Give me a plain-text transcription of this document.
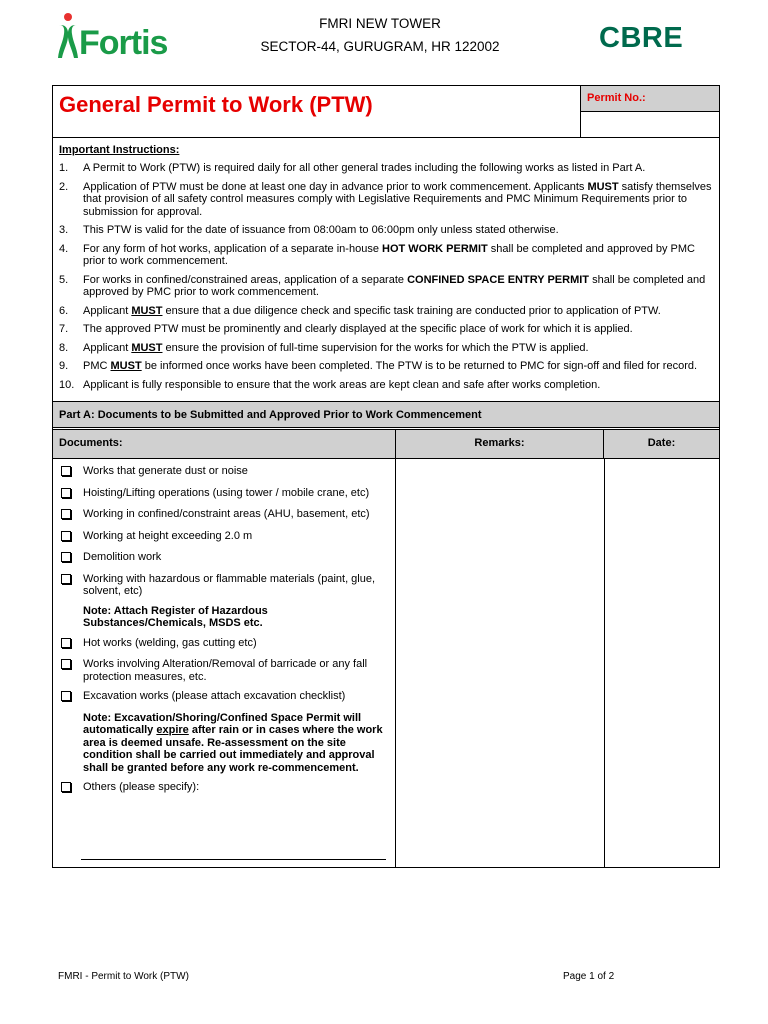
Fortis
FMRI NEW TOWER
SECTOR-44, GURUGRAM, HR 122002	CBRE
General Permit to Work (PTW)	Permit No.:
Important Instructions:
1.	A Permit to Work (PTW) is required daily for all other general trades including the following works as listed in Part A.
2.	Application of PTW must be done at least one day in advance prior to work commencement. Applicants MUST satisfy themselves that provision of all safety control measures comply with Legislative Requirements and PMC Minimum Requirements prior to submission for approval.
3.	This PTW is valid for the date of issuance from 08:00am to 06:00pm only unless stated otherwise.
4.	For any form of hot works, application of a separate in-house HOT WORK PERMIT shall be completed and approved by PMC prior to work commencement.
5.	For works in confined/constrained areas, application of a separate CONFINED SPACE ENTRY PERMIT shall be completed and approved by PMC prior to work commencement.
6.	Applicant MUST ensure that a due diligence check and specific task training are conducted prior to application of PTW.
7.	The approved PTW must be prominently and clearly displayed at the specific place of work for which it is applied.
8.	Applicant MUST ensure the provision of full-time supervision for the works for which the PTW is applied.
9.	PMC MUST be informed once works have been completed. The PTW is to be returned to PMC for sign-off and filed for record.
10. Applicant is fully responsible to ensure that the work areas are kept clean and safe after works completion.
Part A: Documents to be Submitted and Approved Prior to Work Commencement
Documents:	Remarks:	Date:
Works that generate dust or noise
Hoisting/Lifting operations (using tower / mobile crane, etc)
Working in confined/constraint areas (AHU, basement, etc)
Working at height exceeding 2.0 m
Demolition work
Working with hazardous or flammable materials (paint, glue, solvent, etc)
Note: Attach Register of Hazardous Substances/Chemicals, MSDS etc.
Hot works (welding, gas cutting etc)
Works involving Alteration/Removal of barricade or any fall protection measures, etc.
Excavation works (please attach excavation checklist)
Note: Excavation/Shoring/Confined Space Permit will automatically expire after rain or in cases where the work area is deemed unsafe. Re-assessment on the site condition shall be carried out immediately and approval shall be granted before any work re-commencement.
Others (please specify):
FMRI - Permit to Work (PTW)	Page 1 of 2
